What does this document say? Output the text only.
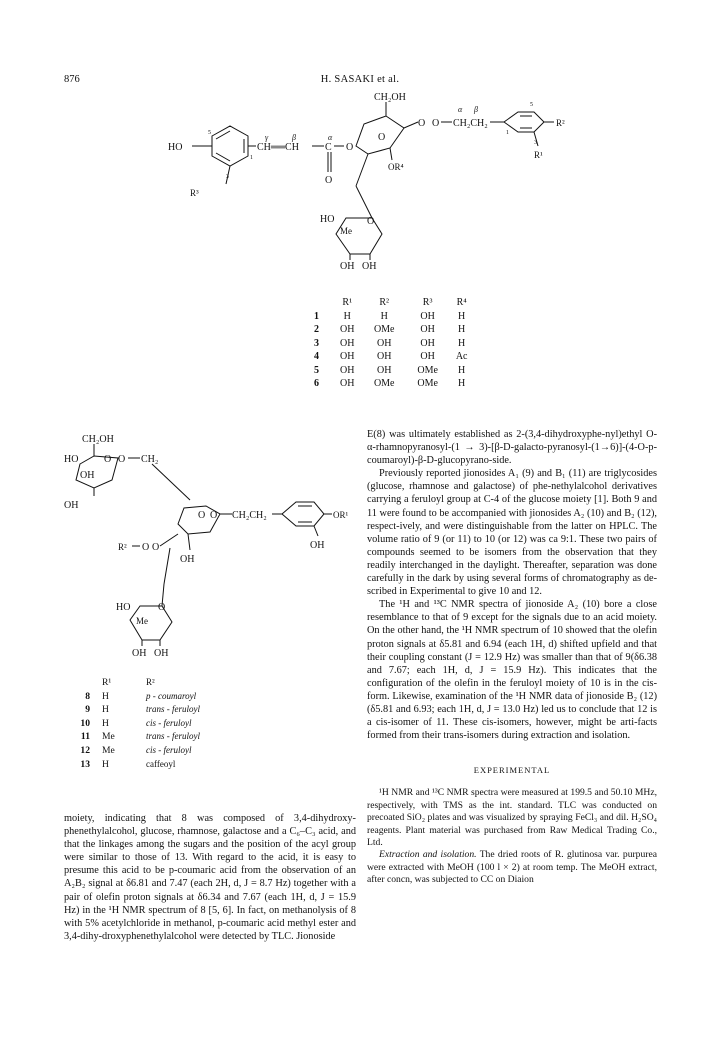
876	H. SASAKI et al.
HO
5
1
3
R³
CH══CH
γ	β	α
C
O
O
O
CH₂OH
O O CH₂CH₂
α β	5
1
3
R²
R¹
OR⁴
O
HO
Me
OH OH
	R¹	R²	R³	R⁴
1	H	H	OH	H
2	OH	OMe	OH	H
3	OH	OH	OH	H
4	OH	OH	OH	Ac
5	OH	OH	OMe	H
6	OH	OMe	OMe	H
CH₂OH
HO	O O CH₂
OH
OH
O O CH₂CH₂	OR¹
OH
O
R² O
OH
HO	O
Me
OH OH
	R¹	R²
8	H	p - coumaroyl
9	H	trans - feruloyl
10	H	cis - feruloyl
11	Me	trans - feruloyl
12	Me	cis - feruloyl
13	H	caffeoyl

moiety, indicating that 8 was composed of 3,4-dihydroxy-phenethylalcohol, glucose, rhamnose, galactose and a C₆–C₃ acid, and that the linkages among the sugars and the position of the acyl group were similar to those of 13. With regard to the acid, it is easy to presume this acid to be p-coumaric acid from the observation of an A₂B₂ signal at δ6.81 and 7.47 (each 2H, d, J = 8.7 Hz) together with a pair of olefin proton signals at δ6.34 and 7.67 (each 1H, d, J = 15.9 Hz) in the ¹H NMR spectrum of 8 [5, 6]. In fact, on methanolysis of 8 with 5% acetylchloride in methanol, p-coumaric acid methyl ester and 3,4-dihy-droxyphenethylalcohol were detected by TLC. Jionoside

E(8) was ultimately established as 2-(3,4-dihydroxyphe-nyl)ethyl O-α-rhamnopyranosyl-(1 → 3)-[β-D-galacto-pyranosyl-(1→6)]-(4-O-p-coumaroyl)-β-D-glucopyrano-side.

Previously reported jionosides A₁ (9) and B₁ (11) are triglycosides (glucose, rhamnose and galactose) of phe-nethylalcohol derivatives carrying a feruloyl group at C-4 of the glucose moiety [1]. Both 9 and 11 were found to be accompanied with jionosides A₂ (10) and B₂ (12), respect-ively, and were distinguishable from the latter on HPLC. The volume ratio of 9 (or 11) to 10 (or 12) was ca 9:1. These two pairs of compounds seemed to be isomers from the observation that they readily interchanged in the daylight. Thereafter, separation was done carefully in the dark by using several forms of chromatography as de-scribed in Experimental to give 10 and 12.

The ¹H and ¹³C NMR spectra of jionoside A₂ (10) bore a close resemblance to that of 9 except for the signals due to an acid moiety. On the other hand, the ¹H NMR spectrum of 10 showed that the olefin proton signals at δ5.81 and 6.94 (each 1H, d) shifted upfield and that their coupling constant (J = 12.9 Hz) was smaller than that of 9(δ6.38 and 7.67; each 1H, d, J = 15.9 Hz). This indicates that the configuration of the olefin in the feruloyl moiety of 10 is in the cis-form. Likewise, examination of the ¹H NMR data of jionoside B₂ (12) (δ5.81 and 6.93; each 1H, d, J = 13.0 Hz) led us to conclude that 12 is a cis-isomer of 11. These cis-isomers, however, might be arti-facts formed from their trans-isomers during extraction and isolation.

EXPERIMENTAL

¹H NMR and ¹³C NMR spectra were measured at 199.5 and 50.10 MHz, respectively, with TMS as the int. standard. TLC was conducted on precoated SiO₂ plates and was visualized by spraying FeCl₃ and dil. H₂SO₄ reagents. Plant material was purchased from Raw Medical Trading Co., Ltd.

Extraction and isolation. The dried roots of R. glutinosa var. purpurea were extracted with MeOH (100 l × 2) at room temp. The MeOH extract, after concn, was subjected to CC on Diaion
